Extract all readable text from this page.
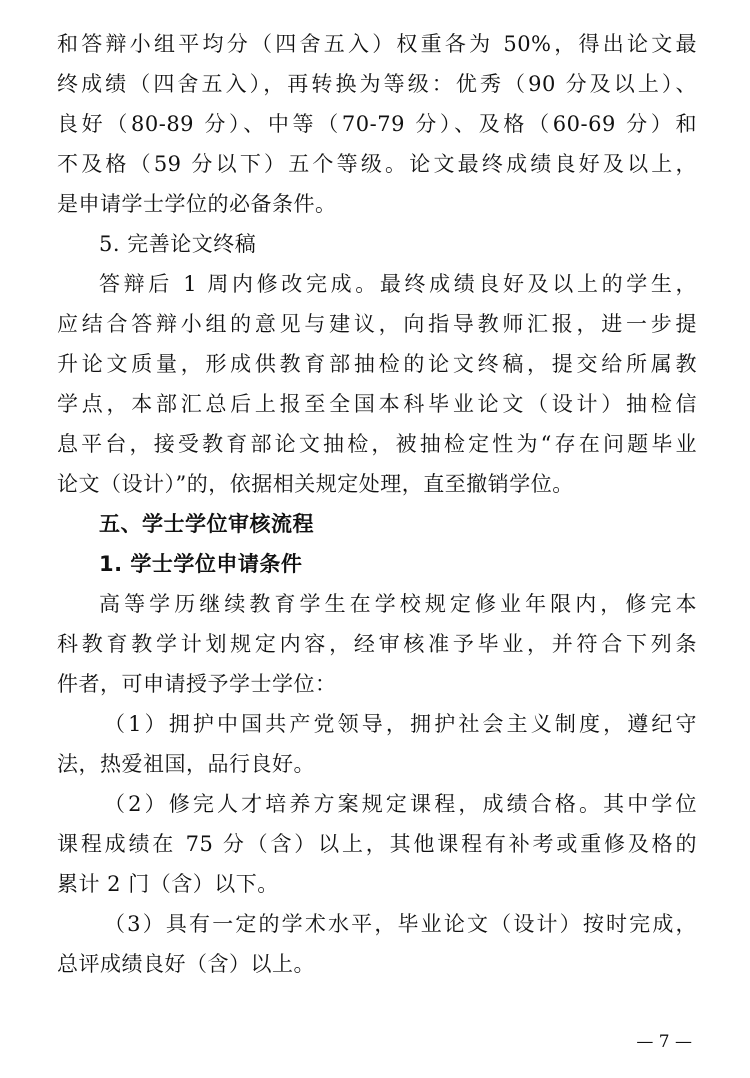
和答辩小组平均分（四舍五入）权重各为 50%，得出论文最
终成绩（四舍五入），再转换为等级：优秀（90 分及以上）、
良好（80-89 分）、中等（70-79 分）、及格（60-69 分）和
不及格（59 分以下）五个等级。论文最终成绩良好及以上，
是申请学士学位的必备条件。
5. 完善论文终稿
答辩后 1 周内修改完成。最终成绩良好及以上的学生，
应结合答辩小组的意见与建议，向指导教师汇报，进一步提
升论文质量，形成供教育部抽检的论文终稿，提交给所属教
学点，本部汇总后上报至全国本科毕业论文（设计）抽检信
息平台，接受教育部论文抽检，被抽检定性为“存在问题毕业
论文（设计）”的，依据相关规定处理，直至撤销学位。
五、学士学位审核流程
1. 学士学位申请条件
高等学历继续教育学生在学校规定修业年限内，修完本
科教育教学计划规定内容，经审核准予毕业，并符合下列条
件者，可申请授予学士学位：
（1）拥护中国共产党领导，拥护社会主义制度，遵纪守
法，热爱祖国，品行良好。
（2）修完人才培养方案规定课程，成绩合格。其中学位
课程成绩在 75 分（含）以上，其他课程有补考或重修及格的
累计 2 门（含）以下。
（3）具有一定的学术水平，毕业论文（设计）按时完成，
总评成绩良好（含）以上。
— 7 —
